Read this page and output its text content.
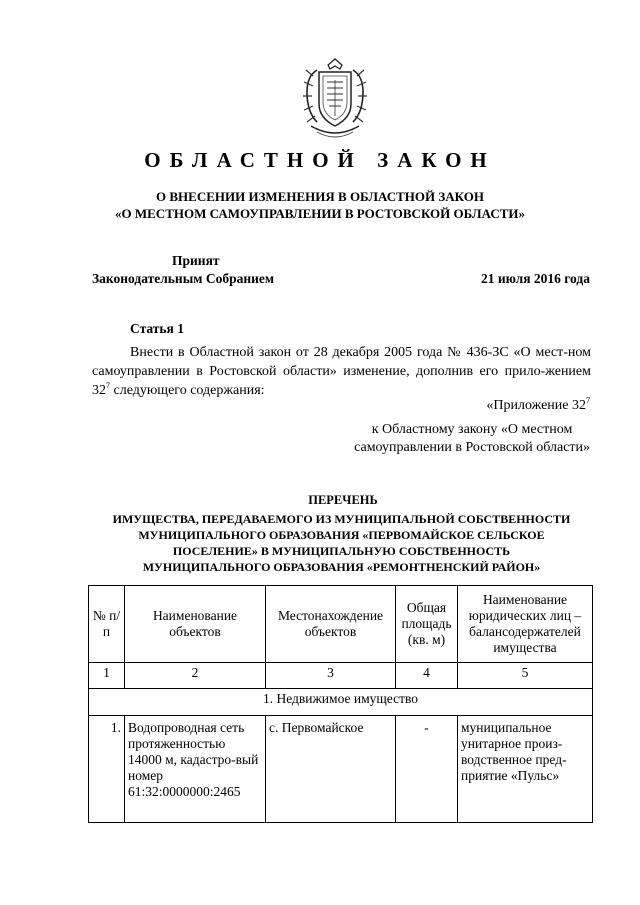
ОБЛАСТНОЙ ЗАКОН
О ВНЕСЕНИИ ИЗМЕНЕНИЯ В ОБЛАСТНОЙ ЗАКОН
«О МЕСТНОМ САМОУПРАВЛЕНИИ В РОСТОВСКОЙ ОБЛАСТИ»
Принят
Законодательным Собранием	21 июля 2016 года
Статья 1
Внести в Областной закон от 28 декабря 2005 года № 436-ЗС «О мест-ном самоуправлении в Ростовской области» изменение, дополнив его прило-жением $32^7$ следующего содержания:
«Приложение $32^7$
к Областному закону «О местном
самоуправлении в Ростовской области»
ПЕРЕЧЕНЬ
ИМУЩЕСТВА, ПЕРЕДАВАЕМОГО ИЗ МУНИЦИПАЛЬНОЙ СОБСТВЕННОСТИ
МУНИЦИПАЛЬНОГО ОБРАЗОВАНИЯ «ПЕРВОМАЙСКОЕ СЕЛЬСКОЕ
ПОСЕЛЕНИЕ» В МУНИЦИПАЛЬНУЮ СОБСТВЕННОСТЬ
МУНИЦИПАЛЬНОГО ОБРАЗОВАНИЯ «РЕМОНТНЕНСКИЙ РАЙОН»
№ п/п	Наименование объектов	Местонахождение объектов	Общая площадь (кв. м)	Наименование юридических лиц – балансодержателей имущества
1	2	3	4	5
1. Недвижимое имущество				
1.	Водопроводная сеть протяженностью 14000 м, кадастро-вый номер 61:32:0000000:2465	с. Первомайское	-	муниципальное унитарное произ-водственное пред-приятие «Пульс»
